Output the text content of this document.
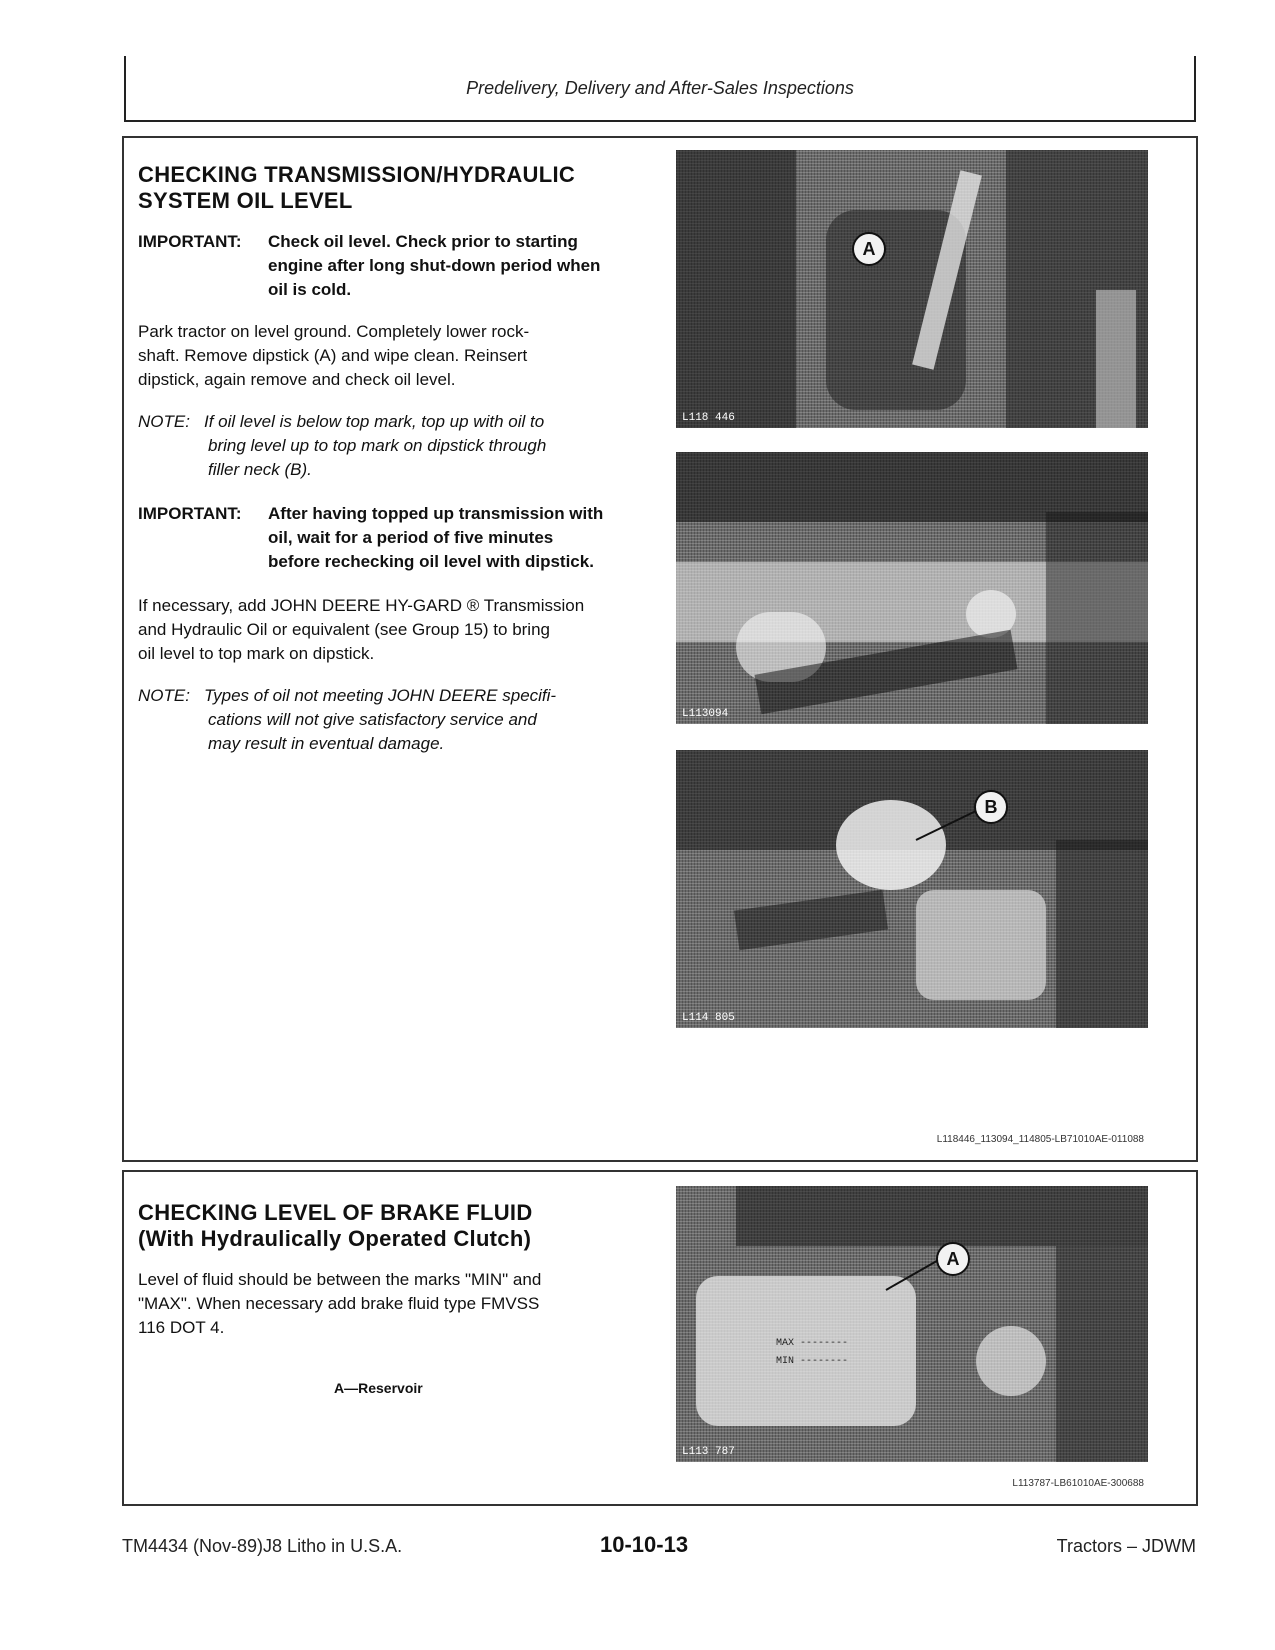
Predelivery, Delivery and After-Sales Inspections
CHECKING TRANSMISSION/HYDRAULIC
SYSTEM OIL LEVEL
IMPORTANT: Check oil level. Check prior to starting
engine after long shut-down period when
oil is cold.
Park tractor on level ground. Completely lower rock-
shaft. Remove dipstick (A) and wipe clean. Reinsert
dipstick, again remove and check oil level.
NOTE: If oil level is below top mark, top up with oil to
bring level up to top mark on dipstick through
filler neck (B).
IMPORTANT: After having topped up transmission with
oil, wait for a period of five minutes
before rechecking oil level with dipstick.
If necessary, add JOHN DEERE HY-GARD ® Transmission
and Hydraulic Oil or equivalent (see Group 15) to bring
oil level to top mark on dipstick.
NOTE: Types of oil not meeting JOHN DEERE specifi-
cations will not give satisfactory service and
may result in eventual damage.
A
L118 446
L113094
B
L114 805
L118446_113094_114805-LB71010AE-011088
CHECKING LEVEL OF BRAKE FLUID
(With Hydraulically Operated Clutch)
Level of fluid should be between the marks "MIN" and
"MAX". When necessary add brake fluid type FMVSS
116 DOT 4.
A—Reservoir
MAX --------
MIN --------
A
L113 787
L113787-LB61010AE-300688
TM4434 (Nov-89)J8 Litho in U.S.A.	10-10-13	Tractors – JDWM
